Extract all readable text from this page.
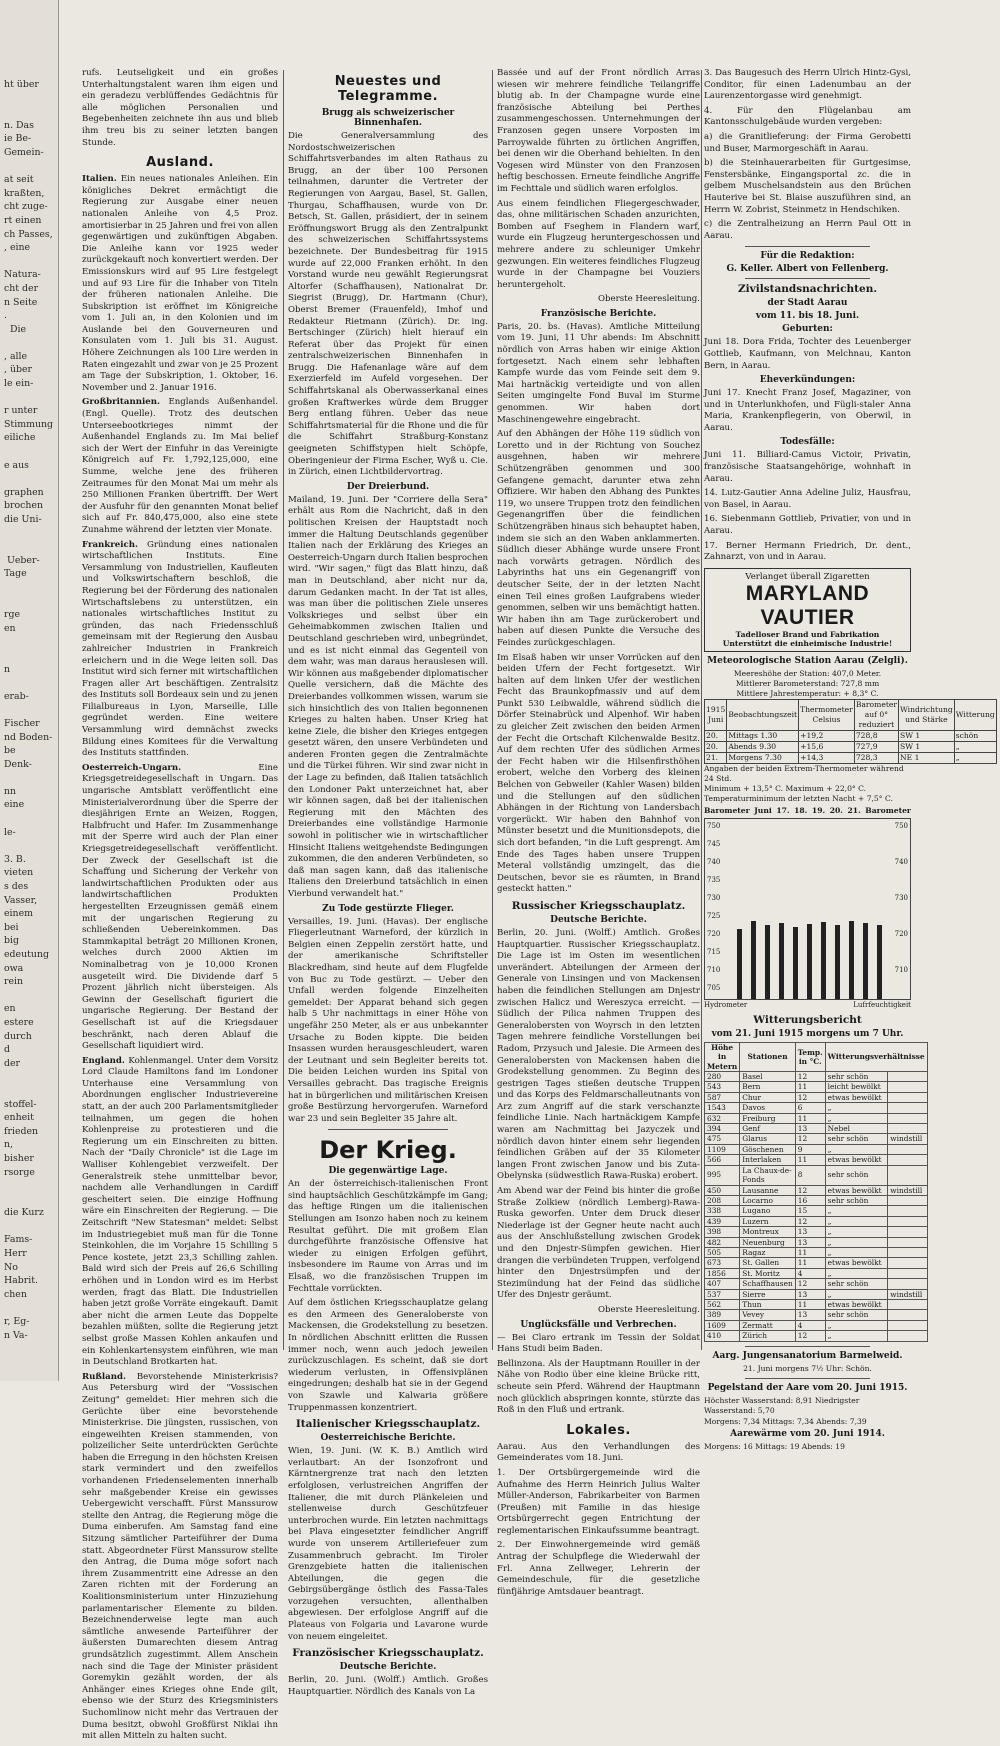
ht über

n. Das
ie Be-
Gemein-

at seit
kraßten,
cht zuge-
rt einen
ch Passes,
, eine

Natura-
cht der
n Seite
.
Die

, alle
, über
le ein-

r unter
Stimmung
eiliche

e aus

graphen
brochen
die Uni-

Ueber-
Tage

rge
en

n

erab-

Fischer
nd Boden-
be
Denk-

nn
eine

le-

3. B.
vieten
s des
Vasser,
einem
bei
big
edeutung
owa
rein

en
estere
durch
d
der

stoffel-
enheit
frieden
n,
bisher
rsorge

die Kurz

Fams-
Herr
No
Habrit.
chen

r, Eg-
n Va-

rufs. Leutseligkeit und ein großes Unterhaltungstalent waren ihm eigen und ein geradezu verblüffendes Gedächtnis für alle möglichen Personalien und Begebenheiten zeichnete ihn aus und blieb ihm treu bis zu seiner letzten bangen Stunde.

Ausland.

Italien. Ein neues nationales Anleihen. Ein königliches Dekret ermächtigt die Regierung zur Ausgabe einer neuen nationalen Anleihe von 4,5 Proz. amortisierbar in 25 Jahren und frei von allen gegenwärtigen und zukünftigen Abgaben. Die Anleihe kann vor 1925 weder zurückgekauft noch konvertiert werden. Der Emissionskurs wird auf 95 Lire festgelegt und auf 93 Lire für die Inhaber von Titeln der früheren nationalen Anleihe. Die Subskription ist eröffnet im Königreiche vom 1. Juli an, in den Kolonien und im Auslande bei den Gouverneuren und Konsulaten vom 1. Juli bis 31. August. Höhere Zeichnungen als 100 Lire werden in Raten eingezahlt und zwar von je 25 Prozent am Tage der Subskription, 1. Oktober, 16. November und 2. Januar 1916.

Großbritannien. Englands Außenhandel. (Engl. Quelle). Trotz des deutschen Unterseebootkrieges nimmt der Außenhandel Englands zu. Im Mai belief sich der Wert der Einfuhr in das Vereinigte Königreich auf Fr. 1,792,125,000, eine Summe, welche jene des früheren Zeitraumes für den Monat Mai um mehr als 250 Millionen Franken übertrifft. Der Wert der Ausfuhr für den genannten Monat belief sich auf Fr. 840,475,000, also eine stete Zunahme während der letzten vier Monate.

Frankreich. Gründung eines nationalen wirtschaftlichen Instituts. Eine Versammlung von Industriellen, Kaufleuten und Volkswirtschaftern beschloß, die Regierung bei der Förderung des nationalen Wirtschaftslebens zu unterstützen, ein nationales wirtschaftliches Institut zu gründen, das nach Friedensschluß gemeinsam mit der Regierung den Ausbau zahlreicher Industrien in Frankreich erleichern und in die Wege leiten soll. Das Institut wird sich ferner mit wirtschaftlichen Fragen aller Art beschäftigen. Zentralsitz des Instituts soll Bordeaux sein und zu jenen Filialbureaus in Lyon, Marseille, Lille gegründet werden. Eine weitere Versammlung wird demnächst zwecks Bildung eines Komitees für die Verwaltung des Instituts stattfinden.

Oesterreich-Ungarn. Eine Kriegsgetreidegesellschaft in Ungarn. Das ungarische Amtsblatt veröffentlicht eine Ministerialverordnung über die Sperre der diesjährigen Ernte an Weizen, Roggen, Halbfrucht und Hafer. Im Zusammenhange mit der Sperre wird auch der Plan einer Kriegsgetreidegesellschaft veröffentlicht. Der Zweck der Gesellschaft ist die Schaffung und Sicherung der Verkehr von landwirtschaftlichen Produkten oder aus landwirtschaftlichen Produkten hergestellten Erzeugnissen gemäß einem mit der ungarischen Regierung zu schließenden Uebereinkommen. Das Stammkapital beträgt 20 Millionen Kronen, welches durch 2000 Aktien im Nominalbetrag von je 10,000 Kronen ausgeteilt wird. Die Dividende darf 5 Prozent jährlich nicht übersteigen. Als Gewinn der Gesellschaft figuriert die ungarische Regierung. Der Bestand der Gesellschaft ist auf die Kriegsdauer beschränkt, nach deren Ablauf die Gesellschaft liquidiert wird.

England. Kohlenmangel. Unter dem Vorsitz Lord Claude Hamiltons fand im Londoner Unterhause eine Versammlung von Abordnungen englischer Industrievereine statt, an der auch 200 Parlamentsmitglieder teilnahmen, um gegen die hohen Kohlenpreise zu protestieren und die Regierung um ein Einschreiten zu bitten. Nach der "Daily Chronicle" ist die Lage im Walliser Kohlengebiet verzweifelt. Der Generalstreik stehe unmittelbar bevor, nachdem alle Verhandlungen in Cardiff gescheitert seien. Die einzige Hoffnung wäre ein Einschreiten der Regierung. — Die Zeitschrift "New Statesman" meldet: Selbst im Industriegebiet muß man für die Tonne Steinkohlen, die im Vorjahre 15 Schilling 5 Pence kostete, jetzt 23,3 Schilling zahlen. Bald wird sich der Preis auf 26,6 Schilling erhöhen und in London wird es im Herbst werden, fragt das Blatt. Die Industriellen haben jetzt große Vorräte eingekauft. Damit aber nicht die armen Leute das Doppelte bezahlen müßten, sollte die Regierung jetzt selbst große Massen Kohlen ankaufen und ein Kohlenkartensystem einführen, wie man in Deutschland Brotkarten hat.

Rußland. Bevorstehende Ministerkrisis? Aus Petersburg wird der "Vossischen Zeitung" gemeldet: Hier mehren sich die Gerüchte über eine bevorstehende Ministerkrise. Die jüngsten, russischen, von eingeweihten Kreisen stammenden, von polizeilicher Seite unterdrückten Gerüchte haben die Erregung in den höchsten Kreisen stark vermindert und den zweifellos vorhandenen Friedenselementen innerhalb sehr maßgebender Kreise ein gewisses Uebergewicht verschafft. Fürst Manssurow stellte den Antrag, die Regierung möge die Duma einberufen. Am Samstag fand eine Sitzung sämtlicher Parteiführer der Duma statt. Abgeordneter Fürst Manssurow stellte den Antrag, die Duma möge sofort nach ihrem Zusammentritt eine Adresse an den Zaren richten mit der Forderung an Koalitionsministerium unter Hinzuziehung parlamentarischer Elemente zu bilden. Bezeichnenderweise legte man auch sämtliche anwesende Parteiführer der äußersten Dumarechten diesem Antrag grundsätzlich zugestimmt. Allem Anschein nach sind die Tage der Minister präsident Goremykin gezählt worden, der als Anhänger eines Krieges ohne Ende gilt, ebenso wie der Sturz des Kriegsministers Suchomlinow nicht mehr das Vertrauen der Duma besitzt, obwohl Großfürst Niklai ihn mit allen Mitteln zu halten sucht.

Neuestes und Telegramme.
Brugg als schweizerischer Binnenhafen.

Die Generalversammlung des Nordostschweizerischen Schiffahrtsverbandes im alten Rathaus zu Brugg, an der über 100 Personen teilnahmen, darunter die Vertreter der Regierungen von Aargau, Basel, St. Gallen, Thurgau, Schaffhausen, wurde von Dr. Betsch, St. Gallen, präsidiert, der in seinem Eröffnungswort Brugg als den Zentralpunkt des schweizerischen Schiffahrtssystems bezeichnete. Der Bundesbeitrag für 1915 wurde auf 22,000 Franken erhöht. In den Vorstand wurde neu gewählt Regierungsrat Altorfer (Schaffhausen), Nationalrat Dr. Siegrist (Brugg), Dr. Hartmann (Chur), Oberst Bremer (Frauenfeld), Imhof und Redakteur Rietmann (Zürich). Dr. ing. Bertschinger (Zürich) hielt hierauf ein Referat über das Projekt für einen zentralschweizerischen Binnenhafen in Brugg. Die Hafenanlage wäre auf dem Exerzierfeld im Aufeld vorgesehen. Der Schiffahrtskanal als Oberwasserkanal eines großen Kraftwerkes würde dem Brugger Berg entlang führen. Ueber das neue Schiffahrtsmaterial für die Rhone und die für die Schiffahrt Straßburg-Konstanz geeigneten Schiffstypen hielt Schöpfe, Oberingenieur der Firma Escher, Wyß u. Cie. in Zürich, einen Lichtbildervortrag.

Der Dreierbund.

Mailand, 19. Juni. Der "Corriere della Sera" erhält aus Rom die Nachricht, daß in den politischen Kreisen der Hauptstadt noch immer die Haltung Deutschlands gegenüber Italien nach der Erklärung des Krieges an Oesterreich-Ungarn durch Italien besprochen wird. "Wir sagen," fügt das Blatt hinzu, daß man in Deutschland, aber nicht nur da, darum Gedanken macht. In der Tat ist alles, was man über die politischen Ziele unseres Volkskrieges und selbst über ein Geheimabkommen zwischen Italien und Deutschland geschrieben wird, unbegründet, und es ist nicht einmal das Gegenteil von dem wahr, was man daraus herauslesen will. Wir können aus maßgebender diplomatischer Quelle versichern, daß die Mächte des Dreierbandes vollkommen wissen, warum sie sich hinsichtlich des von Italien begonnenen Krieges zu halten haben. Unser Krieg hat keine Ziele, die bisher den Krieges entgegen gesetzt wären, den unsere Verbündeten und anderen Fronten gegen die Zentralmächte und die Türkei führen. Wir sind zwar nicht in der Lage zu befinden, daß Italien tatsächlich den Londoner Pakt unterzeichnet hat, aber wir können sagen, daß bei der italienischen Regierung mit den Mächten des Dreierbandes eine vollständige Harmonie sowohl in politischer wie in wirtschaftlicher Hinsicht Italiens weitgehendste Bedingungen zukommen, die den anderen Verbündeten, so daß man sagen kann, daß das italienische Italiens den Dreierbund tatsächlich in einen Vierbund verwandelt hat."

Zu Tode gestürzte Flieger.

Versailles, 19. Juni. (Havas). Der englische Fliegerleutnant Warneford, der kürzlich in Belgien einen Zeppelin zerstört hatte, und der amerikanische Schriftsteller Blackredham, sind heute auf dem Flugfelde von Buc zu Tode gestürzt. — Ueber den Unfall werden folgende Einzelheiten gemeldet: Der Apparat behand sich gegen halb 5 Uhr nachmittags in einer Höhe von ungefähr 250 Meter, als er aus unbekannter Ursache zu Boden kippte. Die beiden Insassen wurden herausgeschleudert, waren der Leutnant und sein Begleiter bereits tot. Die beiden Leichen wurden ins Spital von Versailles gebracht. Das tragische Ereignis hat in bürgerlichen und militärischen Kreisen große Bestürzung hervorgerufen. Warneford war 23 und sein Begleiter 35 Jahre alt.

Der Krieg.
Die gegenwärtige Lage.

An der österreichisch-italienischen Front sind hauptsächlich Geschützkämpfe im Gang; das heftige Ringen um die italienischen Stellungen am Isonzo haben noch zu keinem Resultat geführt. Die mit großem Elan durchgeführte französische Offensive hat wieder zu einigen Erfolgen geführt, insbesondere im Raume von Arras und im Elsaß, wo die französischen Truppen im Fechttale vorrückten.

Auf dem östlichen Kriegsschauplatze gelang es den Armeen des Generaloberste von Mackensen, die Grodekstellung zu besetzen. In nördlichen Abschnitt erlitten die Russen immer noch, wenn auch jedoch jeweilen zurückzuschlagen. Es scheint, daß sie dort wiederum verlusten, in Offensivplänen eingedrungen; deshalb hat sie in der Gegend von Szawle und Kalwaria größere Truppenmassen konzentriert.

Italienischer Kriegsschauplatz.
Oesterreichische Berichte.

Wien, 19. Juni. (W. K. B.) Amtlich wird verlautbart: An der Isonzofront und Kärntnergrenze trat nach den letzten erfolglosen, verlustreichen Angriffen der Italiener, die mit durch Plänkeleien und stellenweise durch Geschützfeuer unterbrochen wurde. Ein letzten nachmittags bei Plava eingesetzter feindlicher Angriff wurde von unserem Artilleriefeuer zum Zusammenbruch gebracht. Im Tiroler Grenzgebiete hatten die italienischen Abteilungen, die gegen die Gebirgsübergänge östlich des Fassa-Tales vorzugehen versuchten, allenthalben abgewiesen. Der erfolglose Angriff auf die Plateaus von Folgaria und Lavarone wurde von neuem eingeleitet.

Französischer Kriegsschauplatz.
Deutsche Berichte.

Berlin, 20. Juni. (Wolff.) Amtlich. Großes Hauptquartier. Nördlich des Kanals von La

Bassée und auf der Front nördlich Arras wiesen wir mehrere feindliche Teilangriffe blutig ab. In der Champagne wurde eine französische Abteilung bei Perthes zusammengeschossen. Unternehmungen der Franzosen gegen unsere Vorposten im Parroywalde führten zu örtlichen Angriffen, bei denen wir die Oberhand behielten. In den Vogesen wird Münster von den Franzosen heftig beschossen. Erneute feindliche Angriffe im Fechttale und südlich waren erfolglos.

Aus einem feindlichen Fliegergeschwader, das, ohne militärischen Schaden anzurichten, Bomben auf Fseghem in Flandern warf, wurde ein Flugzeug heruntergeschossen und mehrere andere zu schleuniger Umkehr gezwungen. Ein weiteres feindliches Flugzeug wurde in der Champagne bei Vouziers heruntergeholt.

Oberste Heeresleitung.

Französische Berichte.

Paris, 20. bs. (Havas). Amtliche Mitteilung vom 19. Juni, 11 Uhr abends: Im Abschnitt nördlich von Arras haben wir einige Aktion fortgesetzt. Nach einem sehr lebhaften Kampfe wurde das vom Feinde seit dem 9. Mai hartnäckig verteidigte und von allen Seiten umgingelte Fond Buval im Sturme genommen. Wir haben dort Maschinengewehre eingebracht.

Auf den Abhängen der Höhe 119 südlich von Loretto und in der Richtung von Souchez ausgehnen, haben wir mehrere Schützengräben genommen und 300 Gefangene gemacht, darunter etwa zehn Offiziere. Wir haben den Abhang des Punktes 119, wo unsere Truppen trotz den feindlichen Gegenangriffen über die feindlichen Schützengräben hinaus sich behauptet haben, indem sie sich an den Waben anklammerten. Südlich dieser Abhänge wurde unsere Front nach vorwärts getragen. Nördlich des Labyrinths hat uns ein Gegenangriff von deutscher Seite, der in der letzten Nacht einen Teil eines großen Laufgrabens wieder genommen, selben wir uns bemächtigt hatten. Wir haben ihn am Tage zurückerobert und haben auf diesen Punkte die Versuche des Feindes zurückgeschlagen.

Im Elsaß haben wir unser Vorrücken auf den beiden Ufern der Fecht fortgesetzt. Wir halten auf dem linken Ufer der westlichen Fecht das Braunkopfmassiv und auf dem Punkt 530 Leibwaldle, während südlich die Dörfer Steinabrück und Alpenhof. Wir haben zu gleicher Zeit zwischen den beiden Armen der Fecht die Ortschaft Kilchenwalde Besitz. Auf dem rechten Ufer des südlichen Armes der Fecht haben wir die Hilsenfirsthöhen erobert, welche den Vorberg des kleinen Belchen von Gebweiler (Kahler Wasen) bilden und die Stellungen auf den südlichen Abhängen in der Richtung von Landersbach vorgerückt. Wir haben den Bahnhof von Münster besetzt und die Munitionsdepots, die sich dort befanden, "in die Luft gesprengt. Am Ende des Tages haben unsere Truppen Meteral vollständig umzingelt, das die Deutschen, bevor sie es räumten, in Brand gesteckt hatten."

Russischer Kriegsschauplatz.
Deutsche Berichte.

Berlin, 20. Juni. (Wolff.) Amtlich. Großes Hauptquartier. Russischer Kriegsschauplatz. Die Lage ist im Osten im wesentlichen unverändert. Abteilungen der Armeen der Generale von Linsingen und von Mackensen haben die feindlichen Stellungen am Dnjestr zwischen Halicz und Wereszyca erreicht. — Südlich der Pilica nahmen Truppen des Generalobersten von Woyrsch in den letzten Tagen mehrere feindliche Vorstellungen bei Radom, Przysuch und Jalesie. Die Armeen des Generalobersten von Mackensen haben die Grodekstellung genommen. Zu Beginn des gestrigen Tages stießen deutsche Truppen und das Korps des Feldmarschalleutnants von Arz zum Angriff auf die stark verschanzte feindliche Linie. Nach hartnäckigem Kampfe waren am Nachmittag bei Jazyczek und nördlich davon hinter einem sehr liegenden feindlichen Gräben auf der 35 Kilometer langen Front zwischen Janow und bis Zuta-Obelynska (südwestlich Rawa-Ruska) erobert.

Am Abend war der Feind bis hinter die große Straße Zolkiew (nördlich Lemberg)-Rawa-Ruska geworfen. Unter dem Druck dieser Niederlage ist der Gegner heute nacht auch aus der Anschlußstellung zwischen Grodek und den Dnjestr-Sümpfen gewichen. Hier drangen die verbündeten Truppen, verfolgend hinter den Dnjestrsümpfen und der Stezimündung hat der Feind das südliche Ufer des Dnjestr geräumt.

Oberste Heeresleitung.

Unglücksfälle und Verbrechen.

— Bei Claro ertrank im Tessin der Soldat Hans Studi beim Baden.

Bellinzona. Als der Hauptmann Rouiller in der Nähe von Rodio über eine kleine Brücke ritt, scheute sein Pferd. Während der Hauptmann noch glücklich abspringen konnte, stürzte das Roß in den Fluß und ertrank.

Lokales.

Aarau. Aus den Verhandlungen des Gemeinderates vom 18. Juni.

1. Der Ortsbürgergemeinde wird die Aufnahme des Herrn Heinrich Julius Walter Müller-Anderson, Fabrikarbeiter von Barmen (Preußen) mit Familie in das hiesige Ortsbürgerrecht gegen Entrichtung der reglementarischen Einkaufssumme beantragt.

2. Der Einwohnergemeinde wird gemäß Antrag der Schulpflege die Wiederwahl der Frl. Anna Zellweger, Lehrerin der Gemeindeschule, für die gesetzliche fünfjährige Amtsdauer beantragt.

3. Das Baugesuch des Herrn Ulrich Hintz-Gysi, Conditor, für einen Ladenumbau an der Laurenzentorgasse wird genehmigt.

4. Für den Flügelanbau am Kantonsschulgebäude wurden vergeben:

a) die Granitlieferung: der Firma Gerobetti und Buser, Marmorgeschäft in Aarau.

b) die Steinhauerarbeiten für Gurtgesimse, Fenstersbänke, Eingangsportal zc. die in gelbem Muschelsandstein aus den Brüchen Hauterive bei St. Blaise auszuführen sind, an Herrn W. Zobrist, Steinmetz in Hendschiken.

c) die Zentralheizung an Herrn Paul Ott in Aarau.

Für die Redaktion:
G. Keller. Albert von Fellenberg.
Zivilstandsnachrichten.
der Stadt Aarau
vom 11. bis 18. Juni.
Geburten:

Juni 18. Dora Frida, Tochter des Leuenberger Gottlieb, Kaufmann, von Melchnau, Kanton Bern, in Aarau.

Eheverkündungen:

Juni 17. Knecht Franz Josef, Magaziner, von und in Unterlunkhofen, und Fügli-staler Anna Maria, Krankenpflegerin, von Oberwil, in Aarau.

Todesfälle:

Juni 11. Billiard-Camus Victoir, Privatin, französische Staatsangehörige, wohnhaft in Aarau.

14. Lutz-Gautier Anna Adeline Juliz, Hausfrau, von Basel, in Aarau.

16. Siebenmann Gottlieb, Privatier, von und in Aarau.

17. Berner Hermann Friedrich, Dr. dent., Zahnarzt, von und in Aarau.

Verlanget überall Zigaretten
MARYLAND VAUTIER
Tadelloser Brand und Fabrikation
Unterstützt die einheimische Industrie!
Meteorologische Station Aarau (Zelgli).
Meereshöhe der Station: 407,0 Meter.
Mittlerer Barometerstand: 727,8 mm
Mittlere Jahrestemperatur: + 8,3° C.
1915 Juni	Beobachtungszeit	Thermometer Celsius	Barometer auf 0° reduziert	Windrichtung und Stärke	Witterung
20.	Mittags 1.30	+19,2	728,8	SW 1	schön
20.	Abends 9.30	+15,6	727,9	SW 1	„
21.	Morgens 7.30	+14,3	728,3	NE 1	„
Angaben der beiden Extrem-Thermometer während 24 Std.
Minimum + 13,5° C. Maximum + 22,0° C.
Temperaturminimum der letzten Nacht + 7,5° C.
Barometer Juni 17. 18. 19. 20. 21. Barometer
750
745
740
735
730
725
720
715
710
705
750
740
730
720
710
Hydrometer	Lufrfeuchtigkeit
Witterungsbericht
vom 21. Juni 1915 morgens um 7 Uhr.
Höhe in Metern	Stationen	Temp. in °C.	Witterungsverhältnisse	
280	Basel	12	sehr schön	
543	Bern	11	leicht bewölkt	
587	Chur	12	etwas bewölkt	
1543	Davos	6	„	
632	Freiburg	11	„	
394	Genf	13	Nebel	
475	Glarus	12	sehr schön	windstill
1109	Göschenen	9	„	
566	Interlaken	11	etwas bewölkt	
995	La Chaux-de-Fonds	8	sehr schön	
450	Lausanne	12	etwas bewölkt	windstill
208	Locarno	16	sehr schön	
338	Lugano	15	„	
439	Luzern	12	„	
398	Montreux	13	„	
482	Neuenburg	13	„	
505	Ragaz	11	„	
673	St. Gallen	11	etwas bewölkt	
1856	St. Moritz	4	„	
407	Schaffhausen	12	sehr schön	
537	Sierre	13	„	windstill
562	Thun	11	etwas bewölkt	
389	Vevey	13	sehr schön	
1609	Zermatt	4	„	
410	Zürich	12	„	
Aarg. Jungensanatorium Barmelweid.
21. Juni morgens 7½ Uhr: Schön.
Pegelstand der Aare vom 20. Juni 1915.
Höchster Wasserstand: 8,91 Niedrigster Wasserstand: 5,70
Morgens: 7,34 Mittags: 7,34 Abends: 7,39
Aarewärme vom 20. Juni 1914.
Morgens: 16 Mittags: 19 Abends: 19
